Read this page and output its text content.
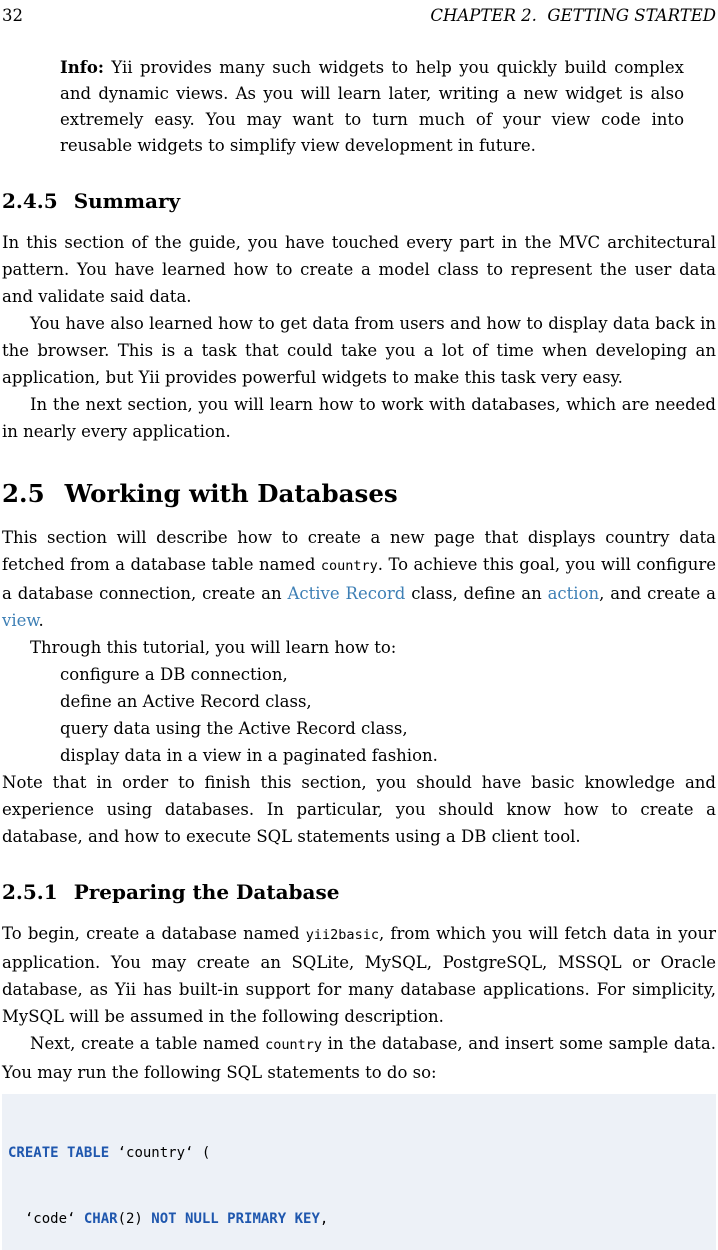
32	CHAPTER 2.  GETTING STARTED
Info: Yii provides many such widgets to help you quickly build complex and dynamic views. As you will learn later, writing a new widget is also extremely easy. You may want to turn much of your view code into reusable widgets to simplify view development in future.
2.4.5 Summary

In this section of the guide, you have touched every part in the MVC architectural pattern. You have learned how to create a model class to represent the user data and validate said data.

You have also learned how to get data from users and how to display data back in the browser. This is a task that could take you a lot of time when developing an application, but Yii provides powerful widgets to make this task very easy.

In the next section, you will learn how to work with databases, which are needed in nearly every application.

2.5 Working with Databases

This section will describe how to create a new page that displays country data fetched from a database table named country. To achieve this goal, you will configure a database connection, create an Active Record class, define an action, and create a view.

Through this tutorial, you will learn how to:

configure a DB connection,
define an Active Record class,
query data using the Active Record class,
display data in a view in a paginated fashion.

Note that in order to finish this section, you should have basic knowledge and experience using databases. In particular, you should know how to create a database, and how to execute SQL statements using a DB client tool.

2.5.1 Preparing the Database

To begin, create a database named yii2basic, from which you will fetch data in your application. You may create an SQLite, MySQL, PostgreSQL, MSSQL or Oracle database, as Yii has built-in support for many database applications. For simplicity, MySQL will be assumed in the following description.

Next, create a table named country in the database, and insert some sample data. You may run the following SQL statements to do so:

CREATE TABLE ‘country‘ (

‘code‘ CHAR(2) NOT NULL PRIMARY KEY,
